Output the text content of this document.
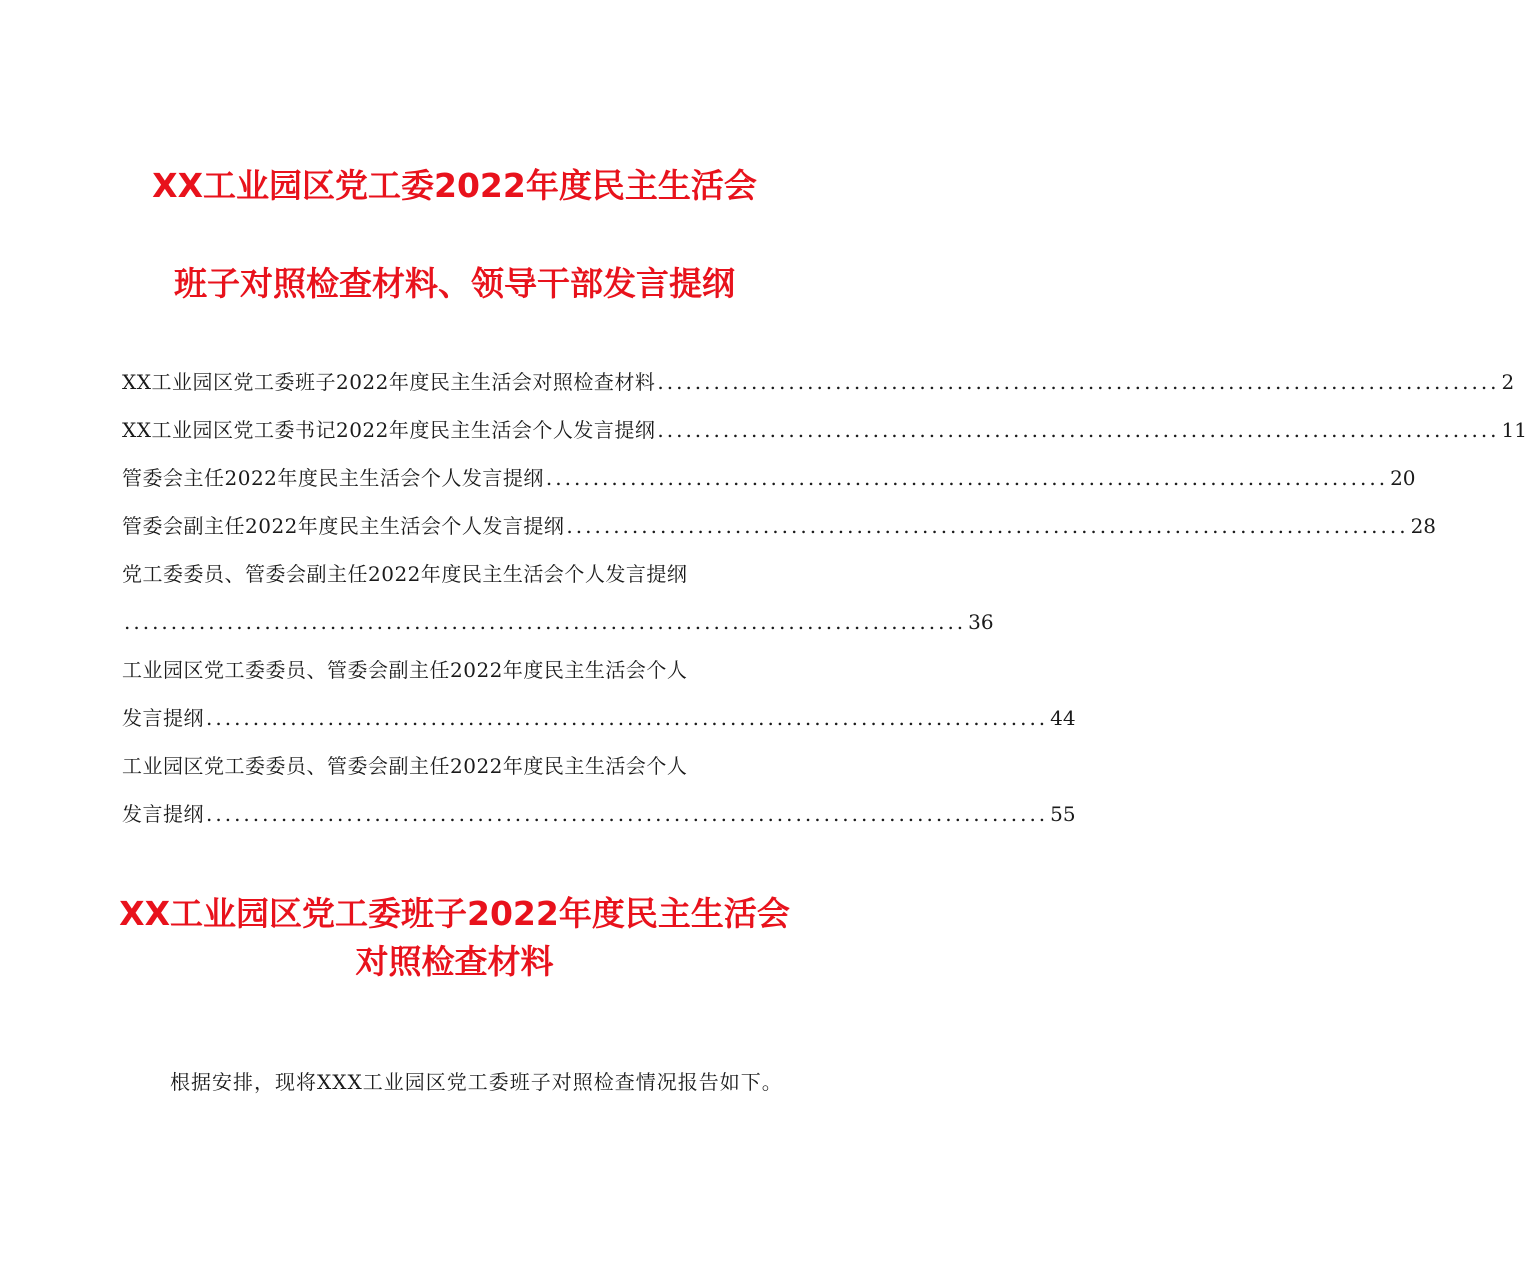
XX工业园区党工委2022年度民主生活会
班子对照检查材料、领导干部发言提纲
XX工业园区党工委班子2022年度民主生活会对照检查材料 .......................................................................................... 2
XX工业园区党工委书记2022年度民主生活会个人发言提纲 .......................................................................................... 11
管委会主任2022年度民主生活会个人发言提纲 .......................................................................................... 20
管委会副主任2022年度民主生活会个人发言提纲 .......................................................................................... 28
党工委委员、管委会副主任2022年度民主生活会个人发言提纲
.......................................................................................... 36
工业园区党工委委员、管委会副主任2022年度民主生活会个人
发言提纲 .......................................................................................... 44
工业园区党工委委员、管委会副主任2022年度民主生活会个人
发言提纲 .......................................................................................... 55
XX工业园区党工委班子2022年度民主生活会
对照检查材料

根据安排，现将XXX工业园区党工委班子对照检查情况报告如下。
